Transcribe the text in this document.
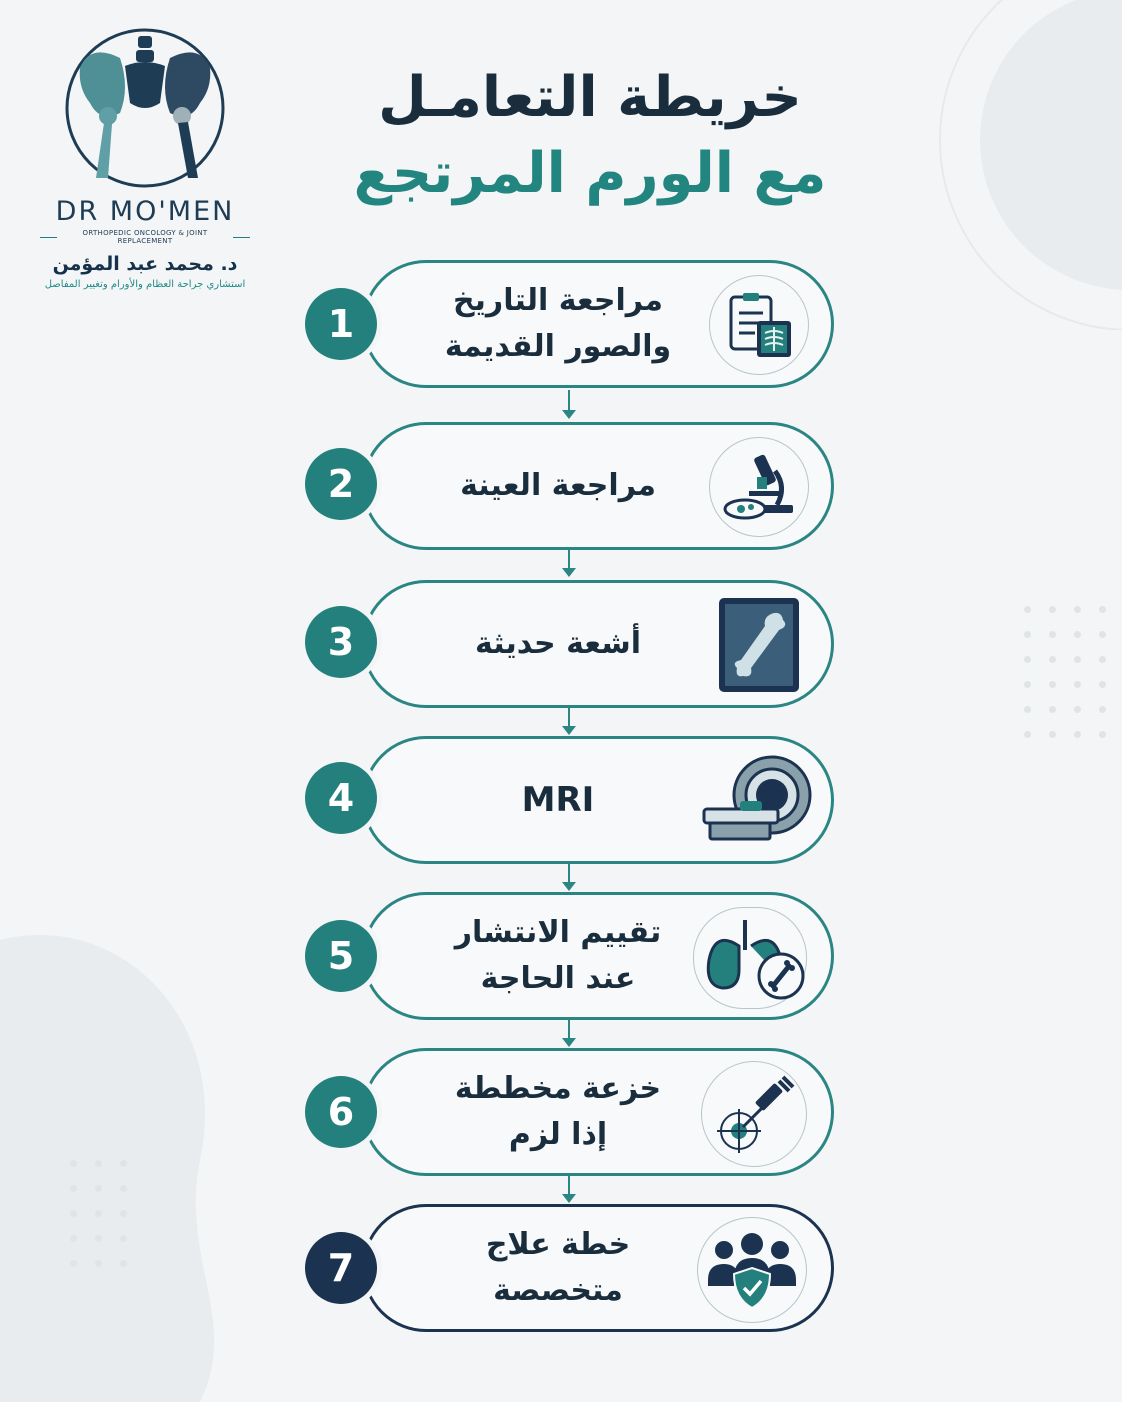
DR MO'MEN
ORTHOPEDIC ONCOLOGY & JOINT REPLACEMENT
د. محمد عبد المؤمن
استشاري جراحة العظام والأورام وتغيير المفاصل
خريطة التعامـل
مع الورم المرتجع
مراجعة التاريخ
والصور القديمة
1
مراجعة العينة
2
أشعة حديثة
3
MRI
4
تقييم الانتشار
عند الحاجة
5
خزعة مخططة
إذا لزم
6
خطة علاج
متخصصة
7
